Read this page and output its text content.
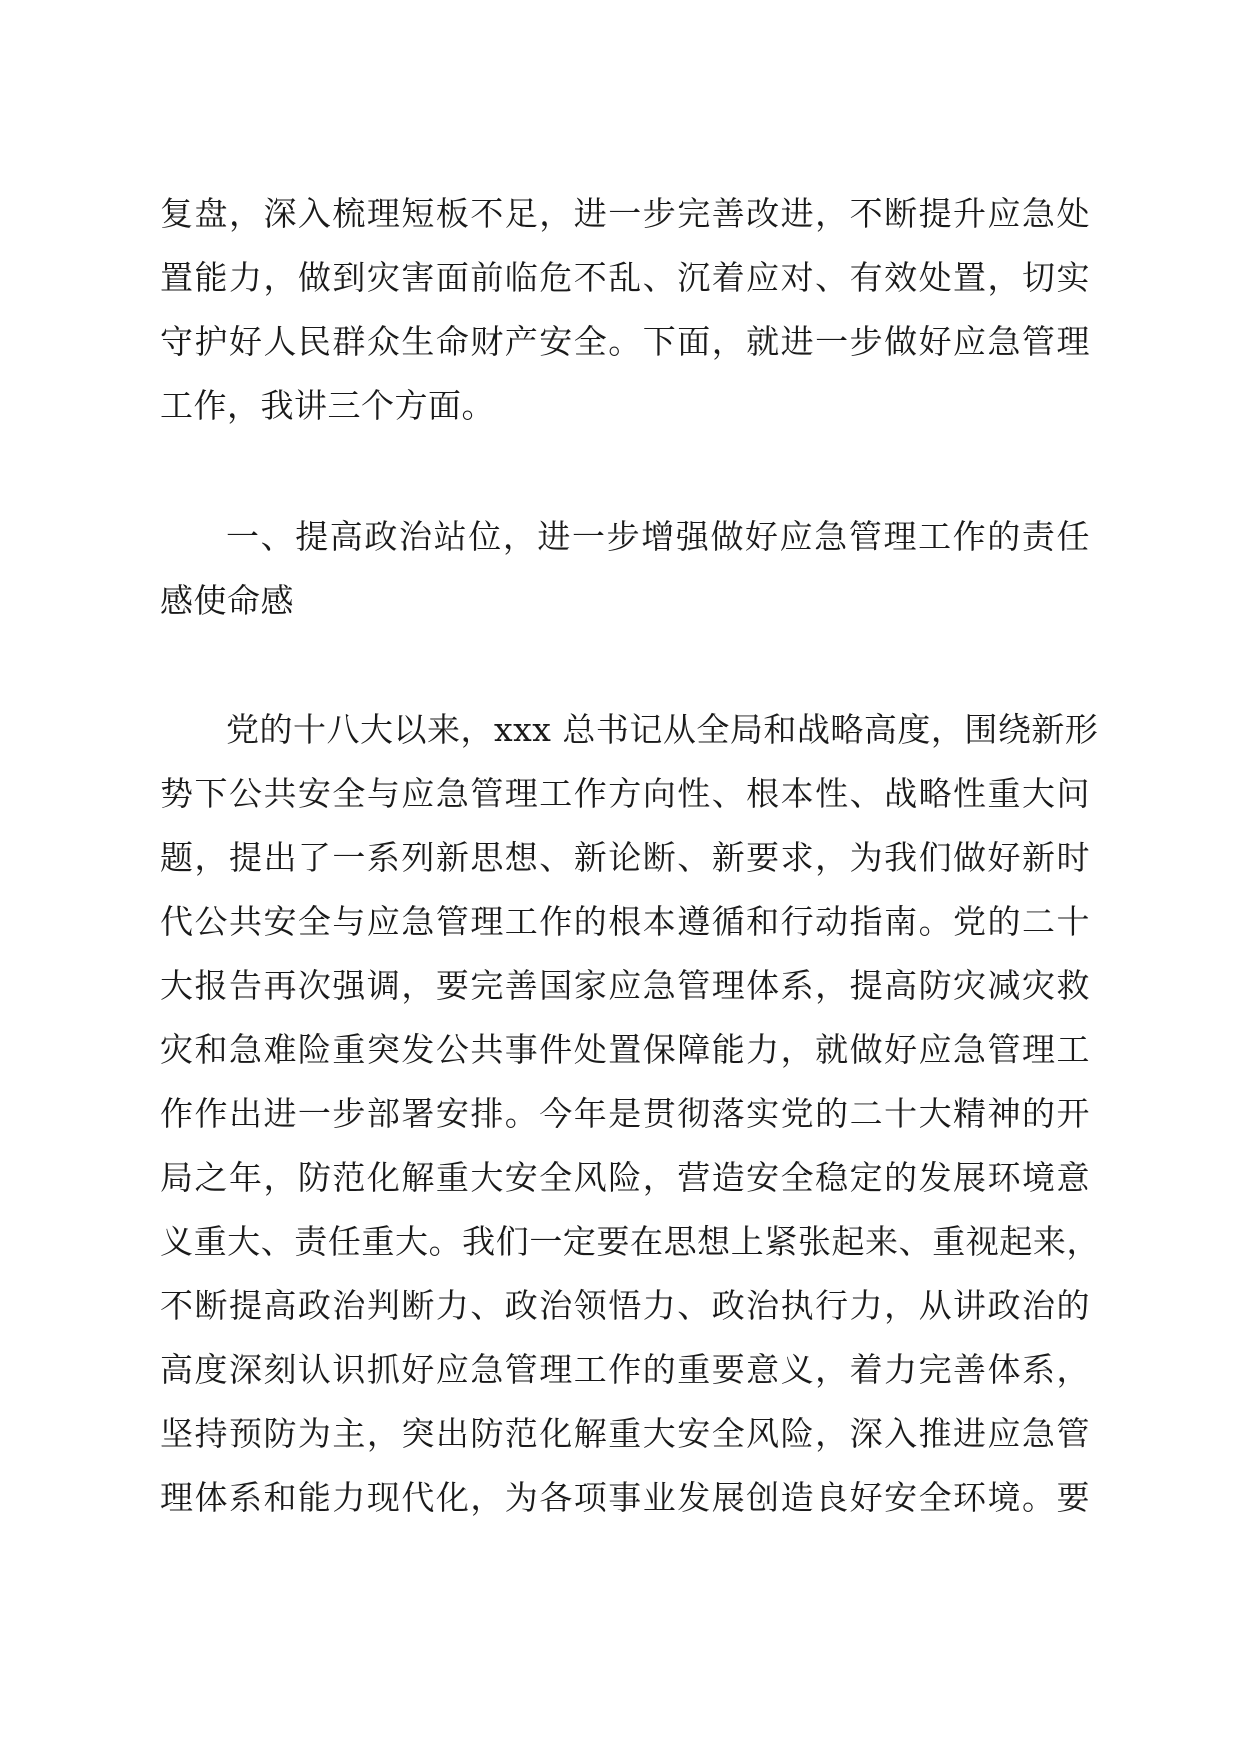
复盘，深入梳理短板不足，进一步完善改进，不断提升应急处
置能力，做到灾害面前临危不乱、沉着应对、有效处置，切实
守护好人民群众生命财产安全。下面，就进一步做好应急管理
工作，我讲三个方面。
一、提高政治站位，进一步增强做好应急管理工作的责任
感使命感
党的十八大以来，xxx 总书记从全局和战略高度，围绕新形
势下公共安全与应急管理工作方向性、根本性、战略性重大问
题，提出了一系列新思想、新论断、新要求，为我们做好新时
代公共安全与应急管理工作的根本遵循和行动指南。党的二十
大报告再次强调，要完善国家应急管理体系，提高防灾减灾救
灾和急难险重突发公共事件处置保障能力，就做好应急管理工
作作出进一步部署安排。今年是贯彻落实党的二十大精神的开
局之年，防范化解重大安全风险，营造安全稳定的发展环境意
义重大、责任重大。我们一定要在思想上紧张起来、重视起来，
不断提高政治判断力、政治领悟力、政治执行力，从讲政治的
高度深刻认识抓好应急管理工作的重要意义，着力完善体系，
坚持预防为主，突出防范化解重大安全风险，深入推进应急管
理体系和能力现代化，为各项事业发展创造良好安全环境。要
